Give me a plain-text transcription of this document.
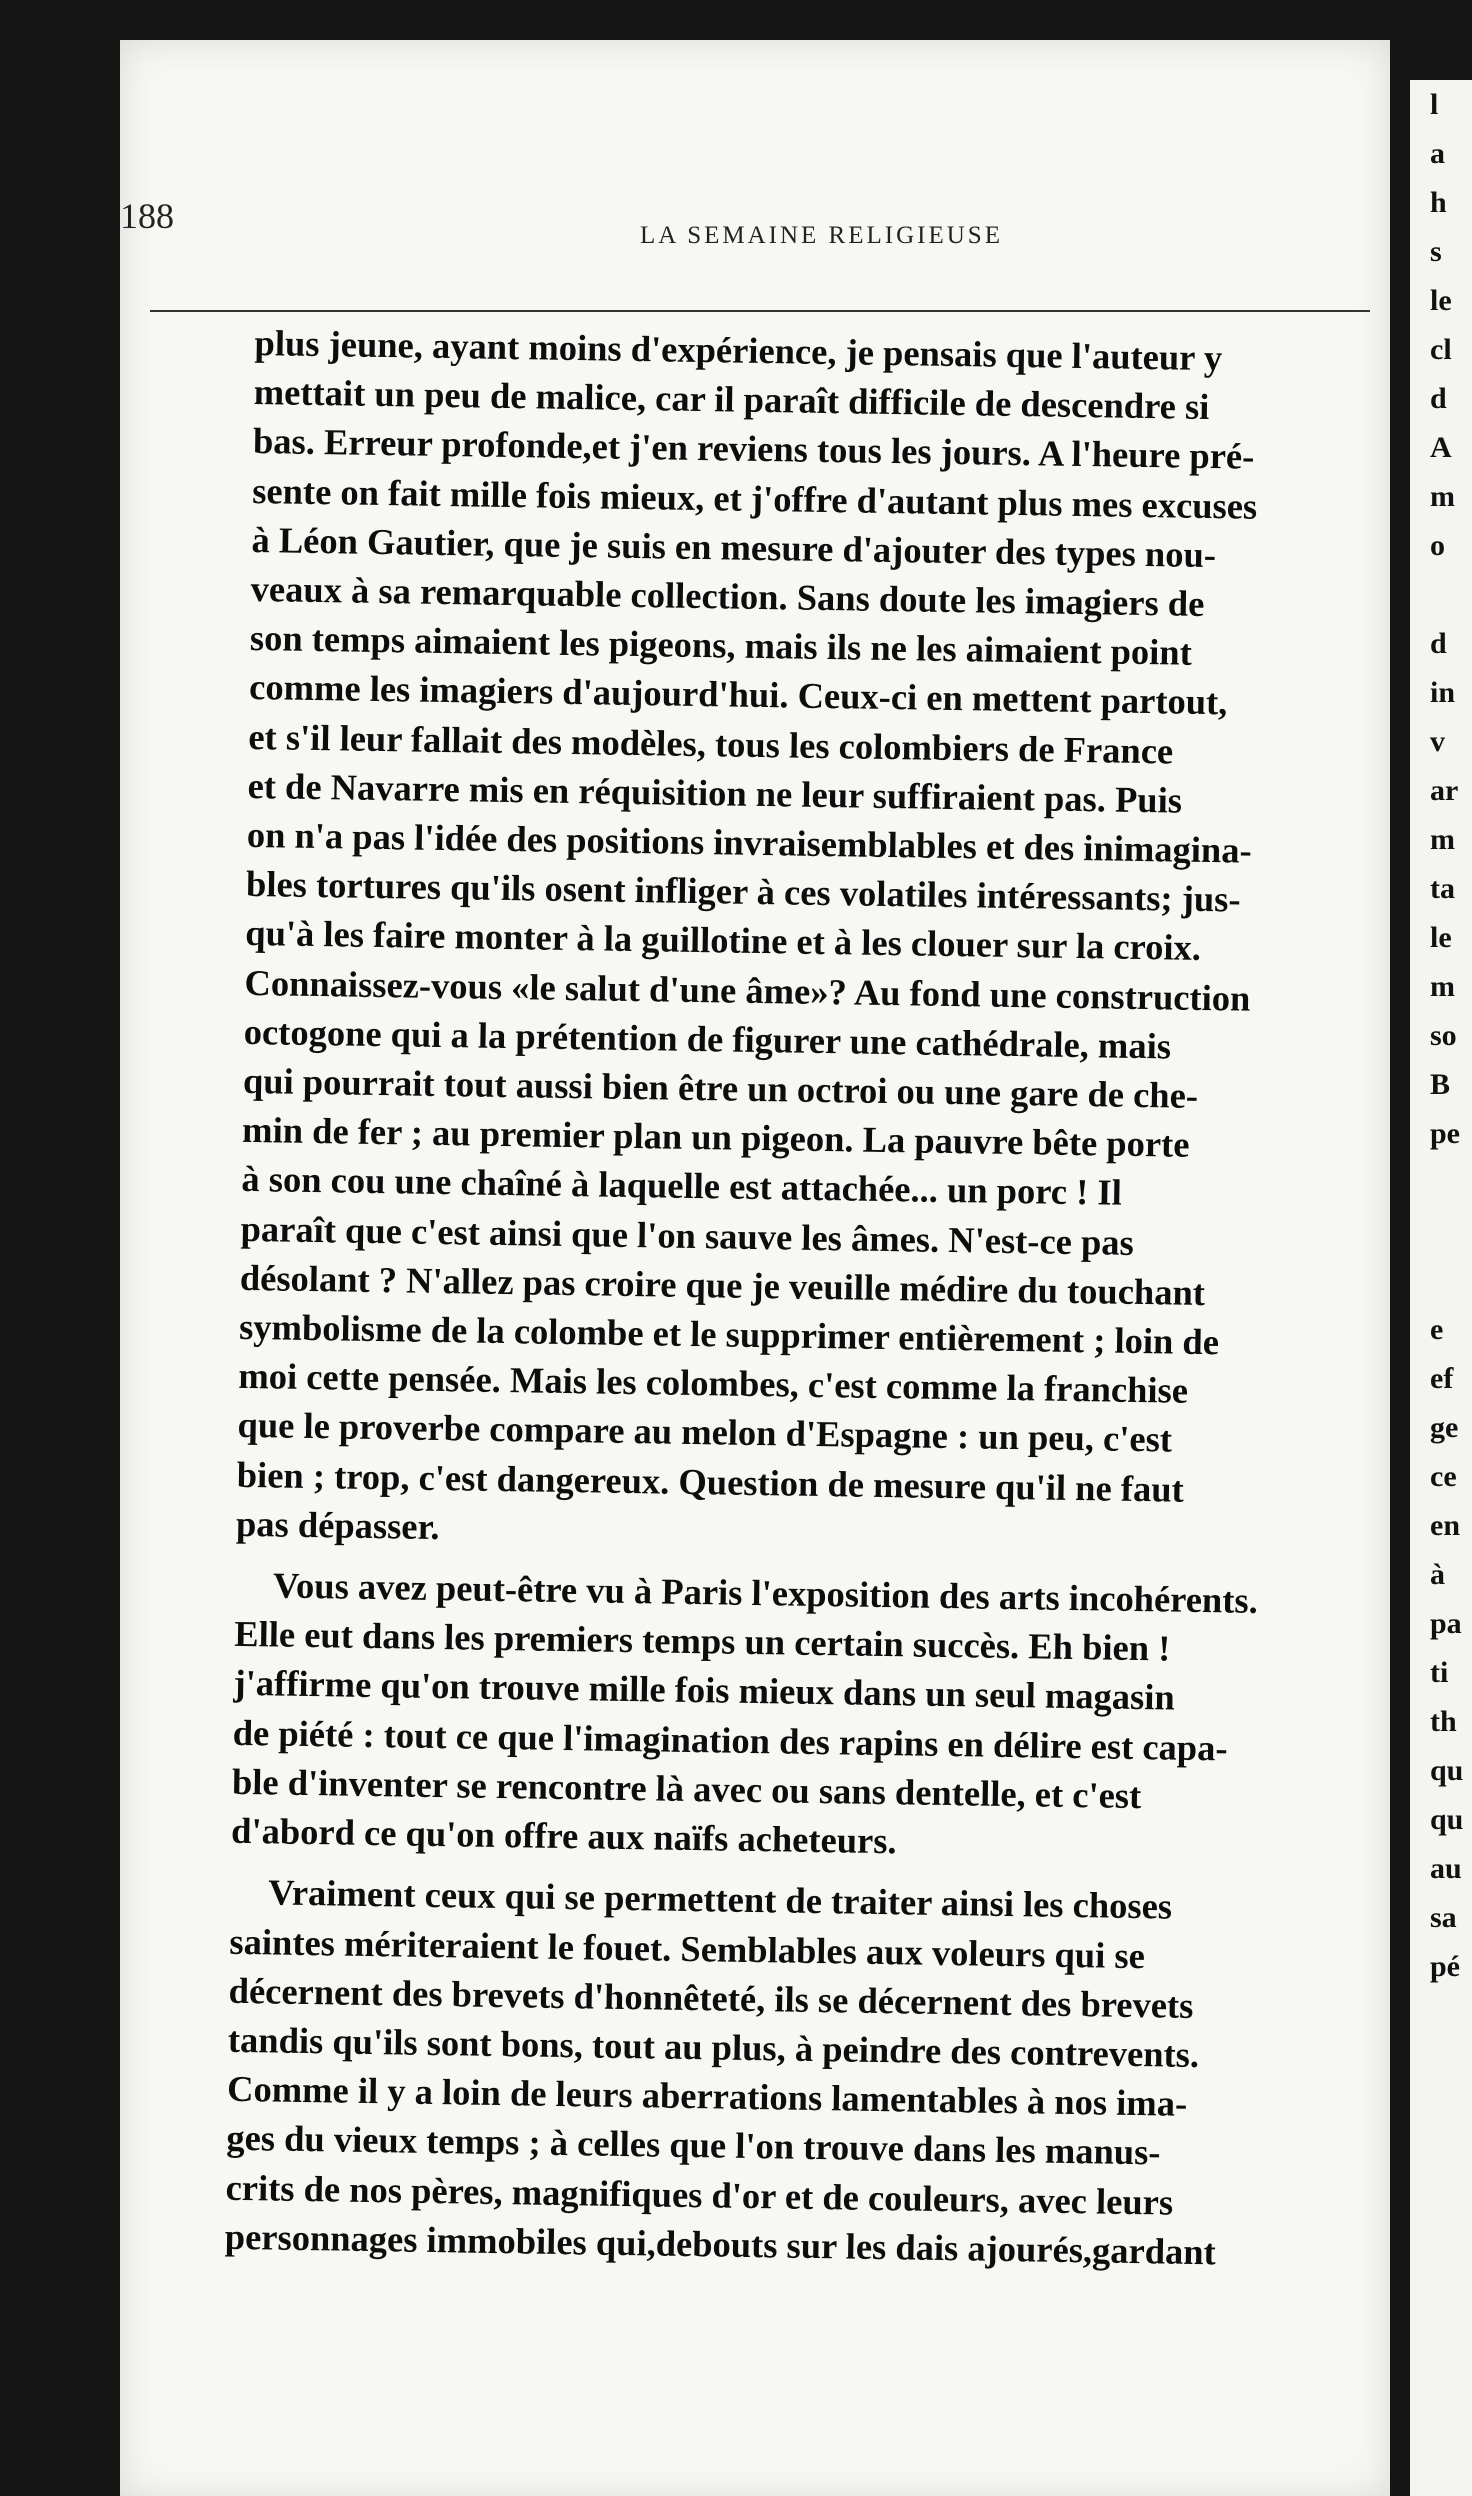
l
a
h
s
le
cl
d
A
m
o

d
in
v
ar
m
ta
le
m
so
B
pe

e
ef
ge
ce
en
à
pa
ti
th
qu
qu
au
sa
pé
188	LA SEMAINE RELIGIEUSE
plus jeune, ayant moins d'expérience, je pensais que l'auteur y
mettait un peu de malice, car il paraît difficile de descendre si
bas. Erreur profonde,et j'en reviens tous les jours. A l'heure pré-
sente on fait mille fois mieux, et j'offre d'autant plus mes excuses
à Léon Gautier, que je suis en mesure d'ajouter des types nou-
veaux à sa remarquable collection. Sans doute les imagiers de
son temps aimaient les pigeons, mais ils ne les aimaient point
comme les imagiers d'aujourd'hui. Ceux-ci en mettent partout,
et s'il leur fallait des modèles, tous les colombiers de France
et de Navarre mis en réquisition ne leur suffiraient pas. Puis
on n'a pas l'idée des positions invraisemblables et des inimagina-
bles tortures qu'ils osent infliger à ces volatiles intéressants; jus-
qu'à les faire monter à la guillotine et à les clouer sur la croix.
Connaissez-vous «le salut d'une âme»? Au fond une construction
octogone qui a la prétention de figurer une cathédrale, mais
qui pourrait tout aussi bien être un octroi ou une gare de che-
min de fer ; au premier plan un pigeon. La pauvre bête porte
à son cou une chaîné à laquelle est attachée... un porc ! Il
paraît que c'est ainsi que l'on sauve les âmes. N'est-ce pas
désolant ? N'allez pas croire que je veuille médire du touchant
symbolisme de la colombe et le supprimer entièrement ; loin de
moi cette pensée. Mais les colombes, c'est comme la franchise
que le proverbe compare au melon d'Espagne : un peu, c'est
bien ; trop, c'est dangereux. Question de mesure qu'il ne faut
pas dépasser.
Vous avez peut-être vu à Paris l'exposition des arts incohérents.
Elle eut dans les premiers temps un certain succès. Eh bien !
j'affirme qu'on trouve mille fois mieux dans un seul magasin
de piété : tout ce que l'imagination des rapins en délire est capa-
ble d'inventer se rencontre là avec ou sans dentelle, et c'est
d'abord ce qu'on offre aux naïfs acheteurs.
Vraiment ceux qui se permettent de traiter ainsi les choses
saintes mériteraient le fouet. Semblables aux voleurs qui se
décernent des brevets d'honnêteté, ils se décernent des brevets
tandis qu'ils sont bons, tout au plus, à peindre des contrevents.
Comme il y a loin de leurs aberrations lamentables à nos ima-
ges du vieux temps ; à celles que l'on trouve dans les manus-
crits de nos pères, magnifiques d'or et de couleurs, avec leurs
personnages immobiles qui,debouts sur les dais ajourés,gardant
